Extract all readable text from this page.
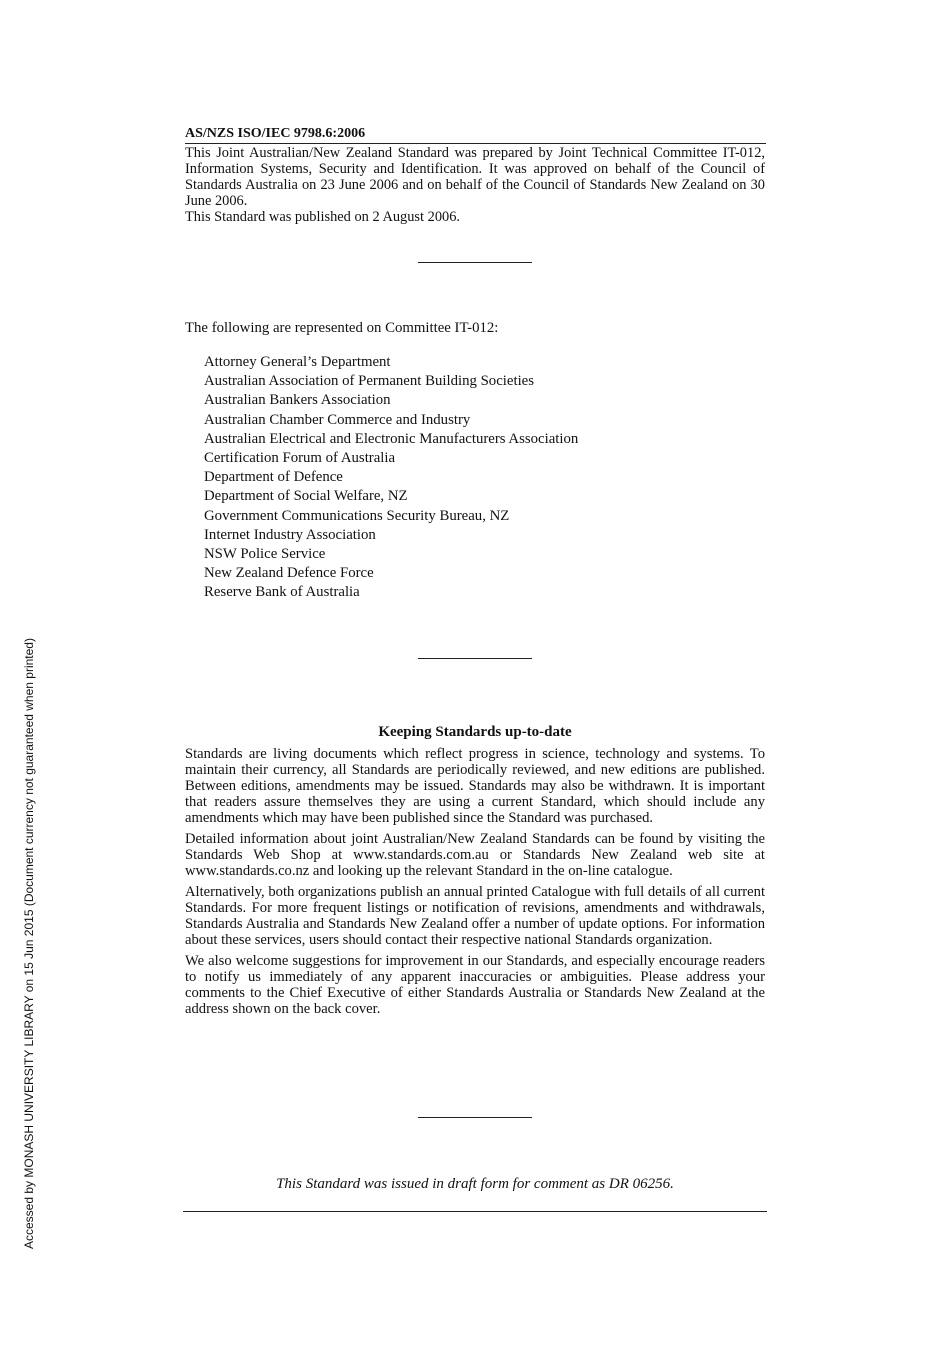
AS/NZS ISO/IEC 9798.6:2006

This Joint Australian/New Zealand Standard was prepared by Joint Technical Committee IT-012, Information Systems, Security and Identification. It was approved on behalf of the Council of Standards Australia on 23 June 2006 and on behalf of the Council of Standards New Zealand on 30 June 2006.

This Standard was published on 2 August 2006.

The following are represented on Committee IT-012:
Attorney General’s Department
Australian Association of Permanent Building Societies
Australian Bankers Association
Australian Chamber Commerce and Industry
Australian Electrical and Electronic Manufacturers Association
Certification Forum of Australia
Department of Defence
Department of Social Welfare, NZ
Government Communications Security Bureau, NZ
Internet Industry Association
NSW Police Service
New Zealand Defence Force
Reserve Bank of Australia
Keeping Standards up-to-date

Standards are living documents which reflect progress in science, technology and systems. To maintain their currency, all Standards are periodically reviewed, and new editions are published. Between editions, amendments may be issued. Standards may also be withdrawn. It is important that readers assure themselves they are using a current Standard, which should include any amendments which may have been published since the Standard was purchased.

Detailed information about joint Australian/New Zealand Standards can be found by visiting the Standards Web Shop at www.standards.com.au or Standards New Zealand web site at www.standards.co.nz and looking up the relevant Standard in the on-line catalogue.

Alternatively, both organizations publish an annual printed Catalogue with full details of all current Standards. For more frequent listings or notification of revisions, amendments and withdrawals, Standards Australia and Standards New Zealand offer a number of update options. For information about these services, users should contact their respective national Standards organization.

We also welcome suggestions for improvement in our Standards, and especially encourage readers to notify us immediately of any apparent inaccuracies or ambiguities. Please address your comments to the Chief Executive of either Standards Australia or Standards New Zealand at the address shown on the back cover.

This Standard was issued in draft form for comment as DR 06256.
Accessed by MONASH UNIVERSITY LIBRARY on 15 Jun 2015 (Document currency not guaranteed when printed)
